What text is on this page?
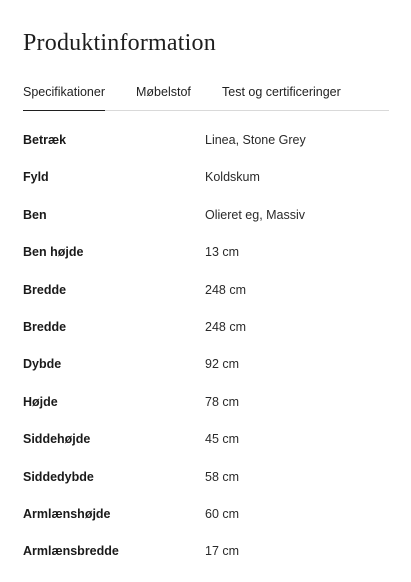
Produktinformation
Specifikationer Møbelstof Test og certificeringer
Betræk	Linea, Stone Grey
Fyld	Koldskum
Ben	Olieret eg, Massiv
Ben højde	13 cm
Bredde	248 cm
Bredde	248 cm
Dybde	92 cm
Højde	78 cm
Siddehøjde	45 cm
Siddedybde	58 cm
Armlænshøjde	60 cm
Armlænsbredde	17 cm
